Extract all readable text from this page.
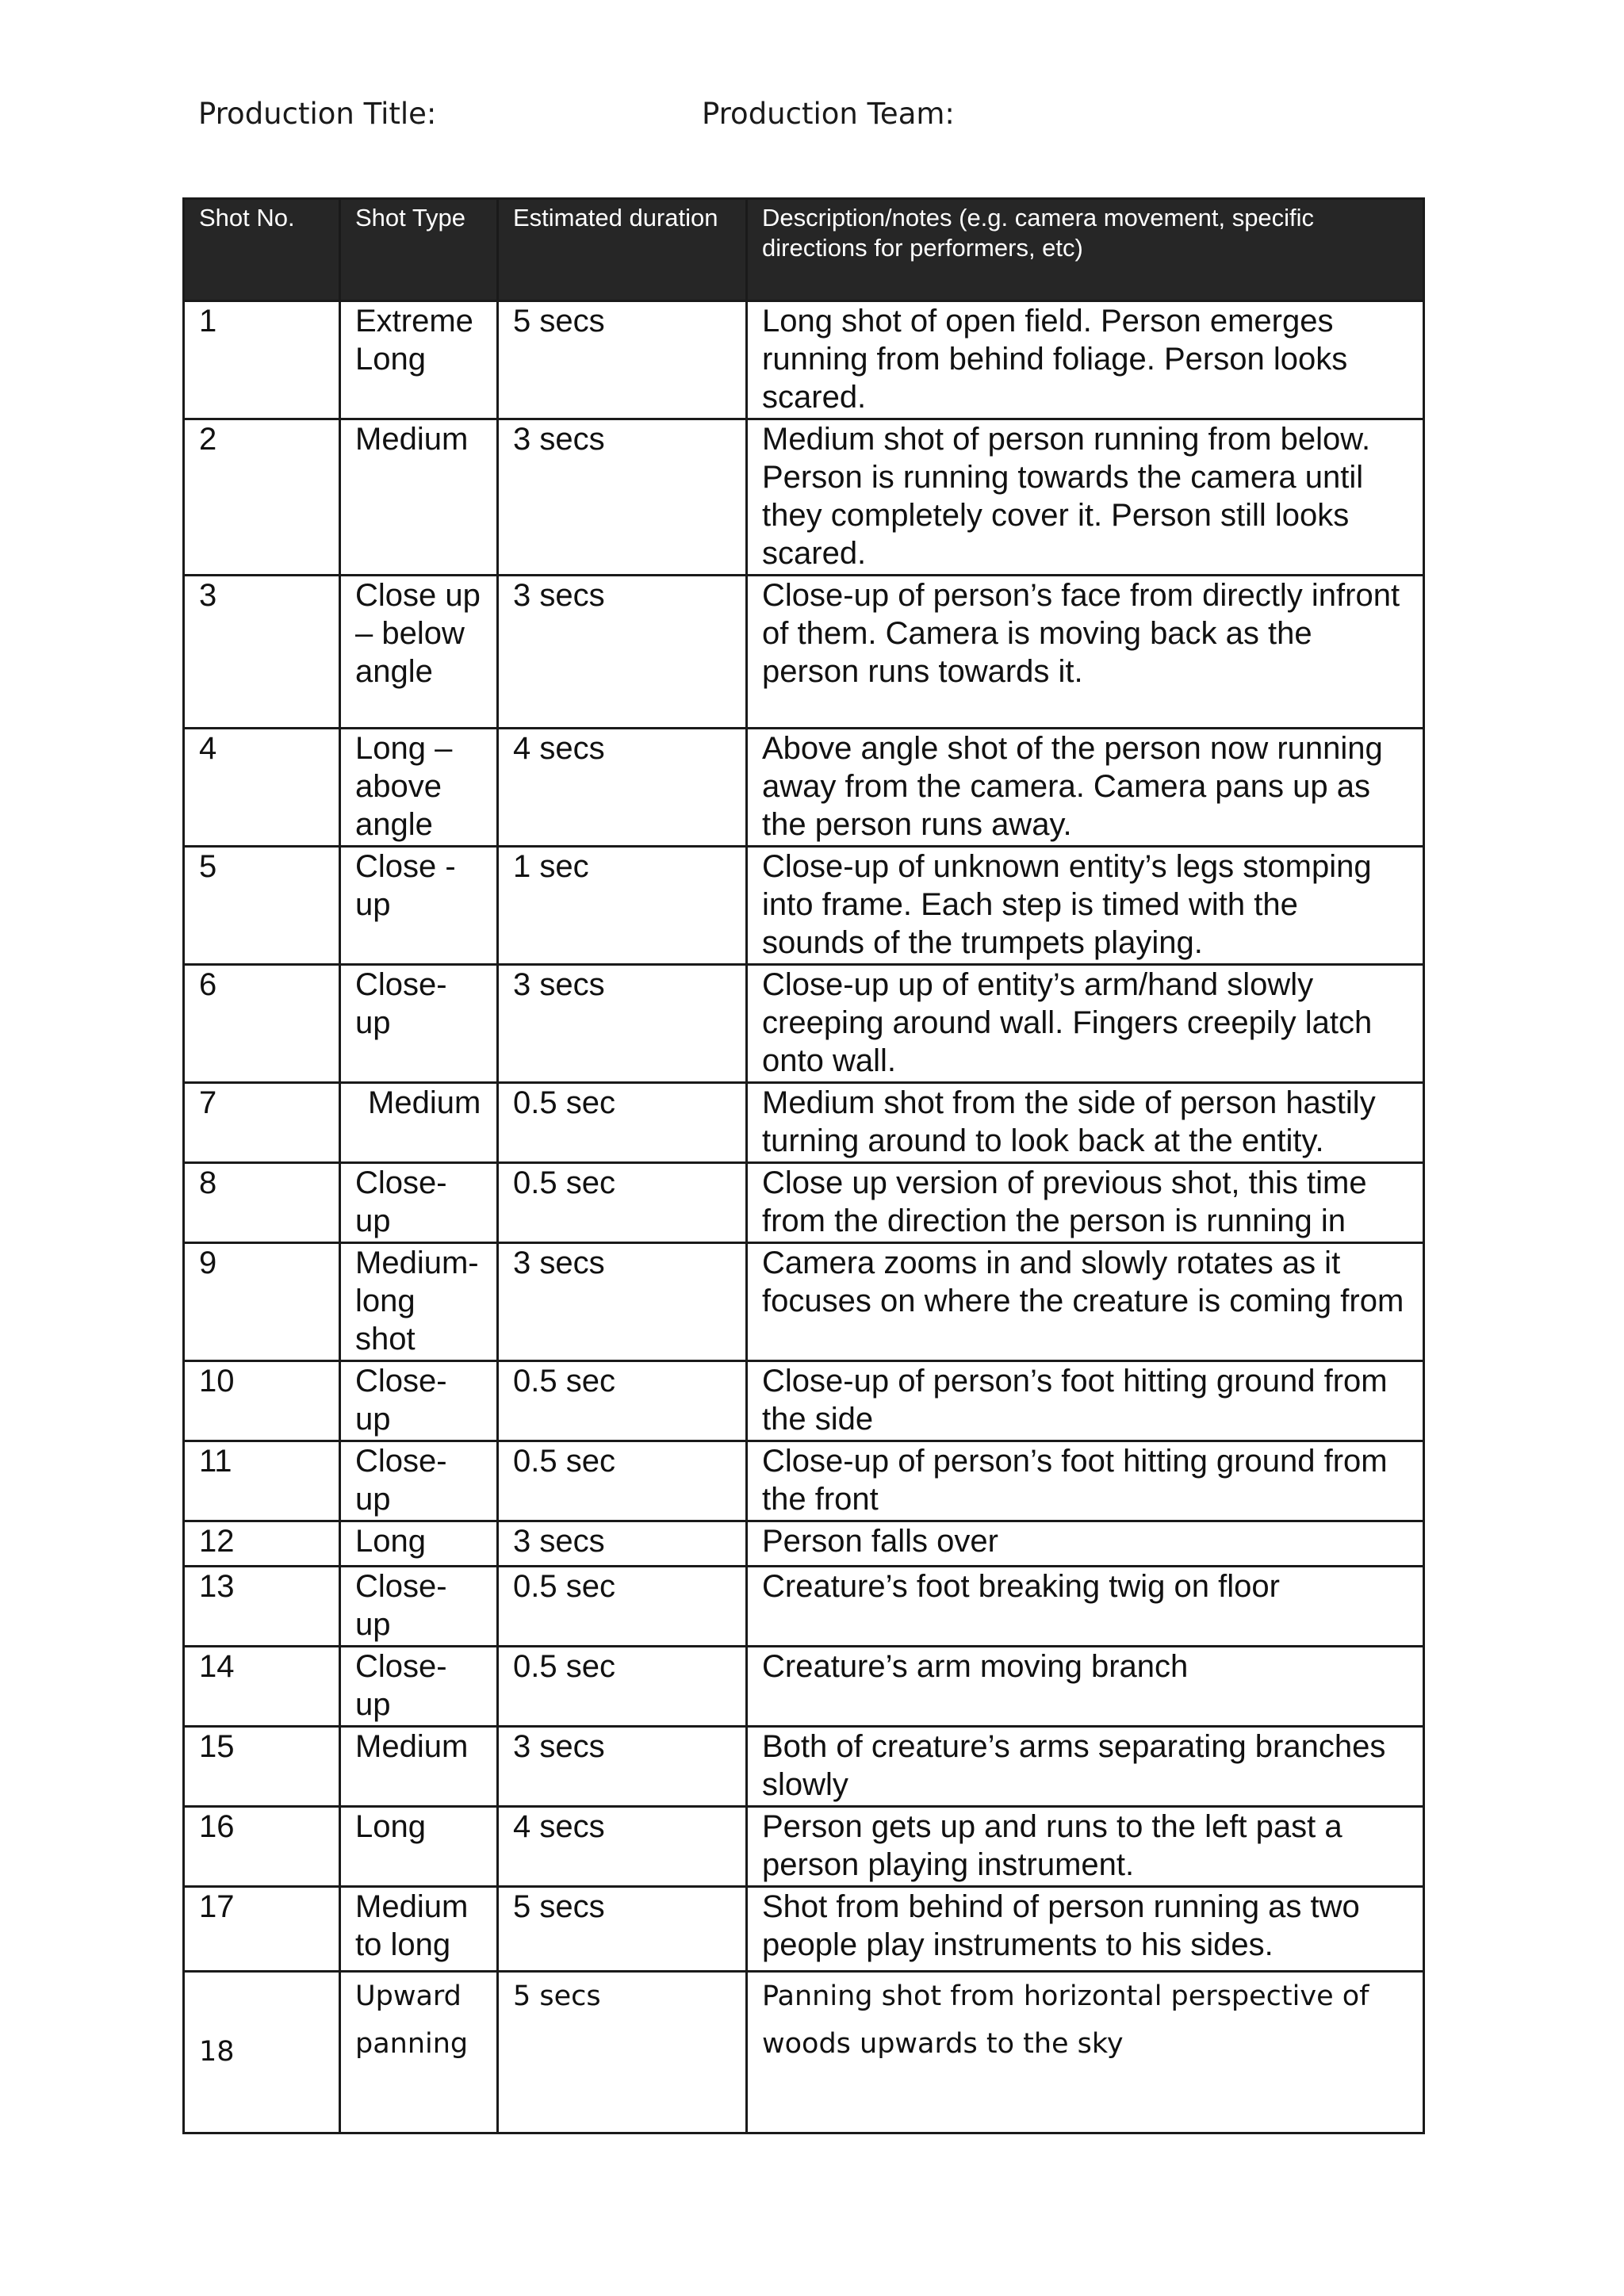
Production Title:	Production Team:
Shot No.	Shot Type	Estimated duration	Description/notes (e.g. camera movement, specific directions for performers, etc)
1	Extreme Long	5 secs	Long shot of open field. Person emerges running from behind foliage. Person looks scared.
2	Medium	3 secs	Medium shot of person running from below. Person is running towards the camera until they completely cover it. Person still looks scared.
3	Close up – below angle	3 secs	Close-up of person’s face from directly infront of them. Camera is moving back as the person runs towards it.
4	Long – above angle	4 secs	Above angle shot of the person now running away from the camera. Camera pans up as the person runs away.
5	Close - up	1 sec	Close-up of unknown entity’s legs stomping into frame. Each step is timed with the sounds of the trumpets playing.
6	Close-up	3 secs	Close-up up of entity’s arm/hand slowly creeping around wall. Fingers creepily latch onto wall.
7	Medium	0.5 sec	Medium shot from the side of person hastily turning around to look back at the entity.
8	Close-up	0.5 sec	Close up version of previous shot, this time from the direction the person is running in
9	Medium-long shot	3 secs	Camera zooms in and slowly rotates as it focuses on where the creature is coming from
10	Close-up	0.5 sec	Close-up of person’s foot hitting ground from the side
11	Close-up	0.5 sec	Close-up of person’s foot hitting ground from the front
12	Long	3 secs	Person falls over
13	Close-up	0.5 sec	Creature’s foot breaking twig on floor
14	Close-up	0.5 sec	Creature’s arm moving branch
15	Medium	3 secs	Both of creature’s arms separating branches slowly
16	Long	4 secs	Person gets up and runs to the left past a person playing instrument.
17	Medium to long	5 secs	Shot from behind of person running as two people play instruments to his sides.
18	Upward panning	5 secs	Panning shot from horizontal perspective of woods upwards to the sky
